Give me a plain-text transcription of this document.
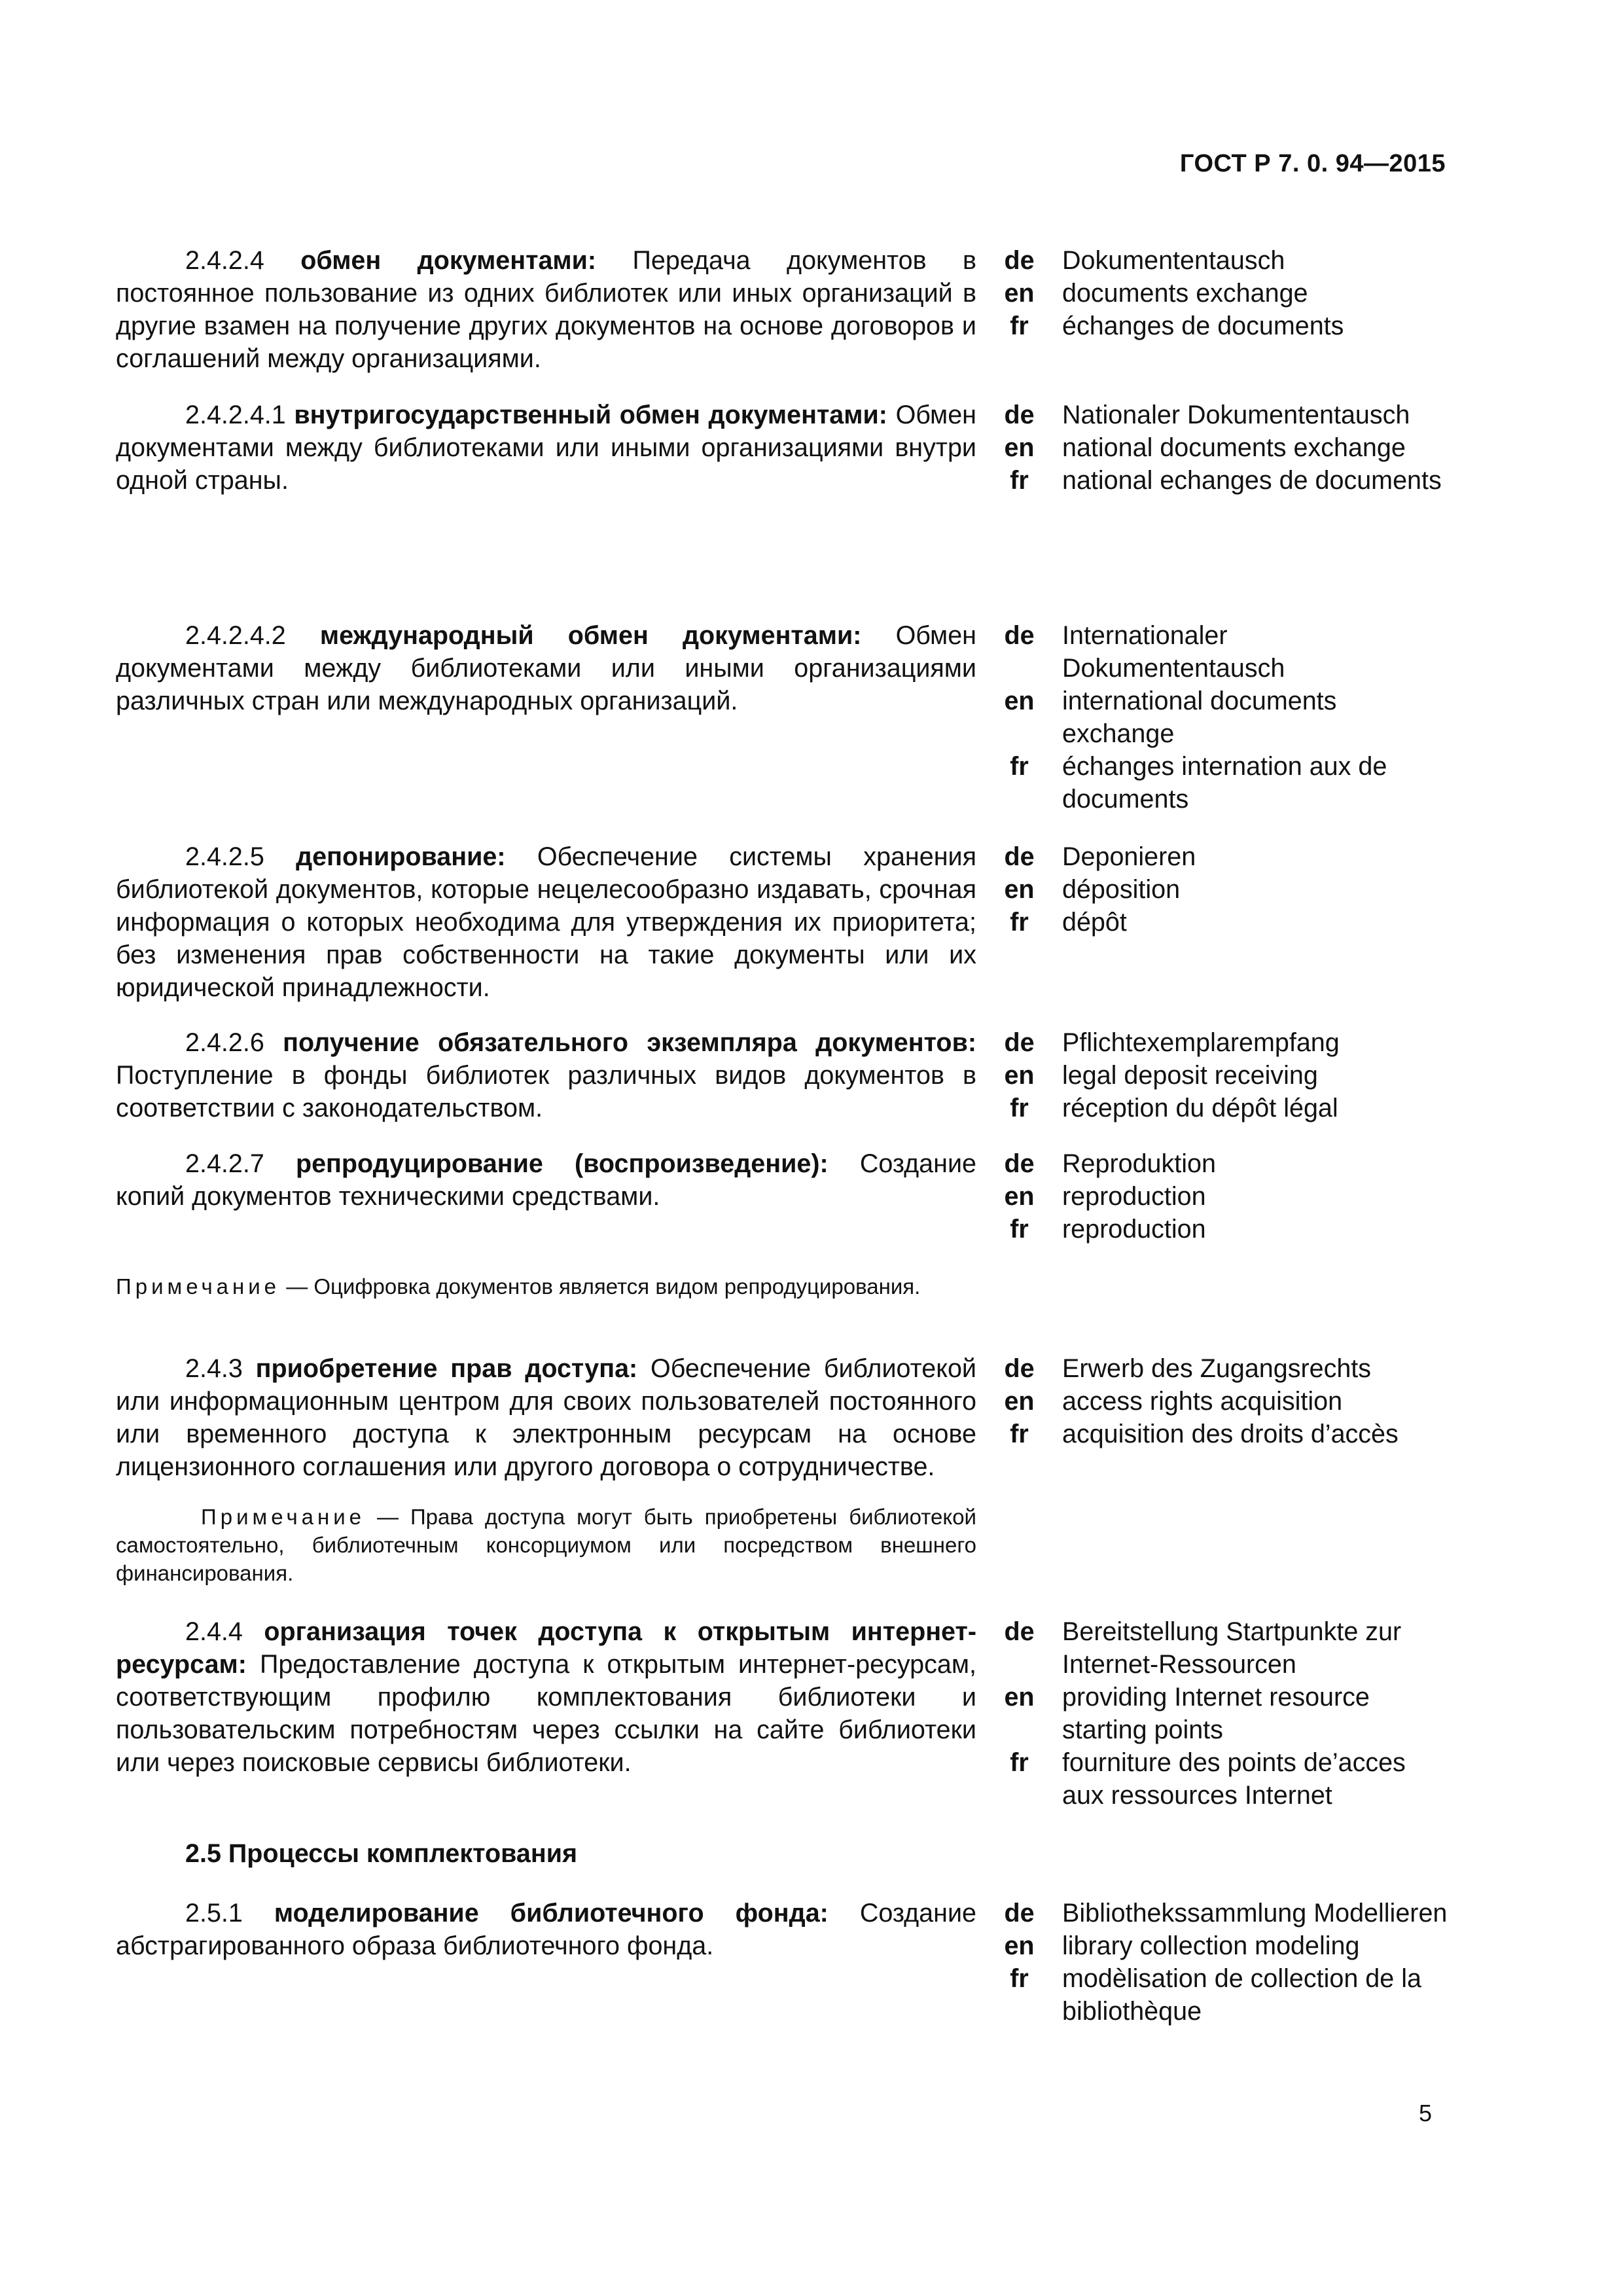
ГОСТ Р 7. 0. 94—2015

2.4.2.4 обмен документами: Передача документов в постоянное пользование из одних библиотек или иных организаций в другие взамен на получение других документов на основе договоров и соглашений между организациями.

de	Dokumententausch
en	documents exchange
fr	échanges de documents

2.4.2.4.1 внутригосударственный обмен документами: Обмен документами между библиотеками или иными организациями внутри одной страны.

de	Nationaler Dokumententausch
en	national documents exchange
fr	national echanges de documents

2.4.2.4.2 международный обмен документами: Обмен документами между библиотеками или иными организациями различных стран или международных организаций.

de	Internationaler Dokumententausch
en	international documents exchange
fr	échanges internation aux de documents

2.4.2.5 депонирование: Обеспечение системы хранения библиотекой документов, которые нецелесообразно издавать, срочная информация о которых необходима для утверждения их приоритета; без изменения прав собственности на такие документы или их юридической принадлежности.

de	Deponieren
en	déposition
fr	dépôt

2.4.2.6 получение обязательного экземпляра документов: Поступление в фонды библиотек различных видов документов в соответствии с законодательством.

de	Pflichtexemplarempfang
en	legal deposit receiving
fr	réception du dépôt légal

2.4.2.7 репродуцирование (воспроизведение): Создание копий документов техническими средствами.

de	Reproduktion
en	reproduction
fr	reproduction

Примечание — Оцифровка документов является видом репродуцирования.

2.4.3 приобретение прав доступа: Обеспечение библиотекой или информационным центром для своих пользователей постоянного или временного доступа к электронным ресурсам на основе лицензионного соглашения или другого договора о сотрудничестве.

de	Erwerb des Zugangsrechts
en	access rights acquisition
fr	acquisition des droits d’accès

Примечание — Права доступа могут быть приобретены библиотекой самостоятельно, библиотечным консорциумом или посредством внешнего финансирования.

2.4.4 организация точек доступа к открытым интернет-ресурсам: Предоставление доступа к открытым интернет-ресурсам, соответствующим профилю комплектования библиотеки и пользовательским потребностям через ссылки на сайте библиотеки или через поисковые сервисы библиотеки.

de	Bereitstellung Startpunkte zur Internet-Ressourcen
en	providing Internet resource starting points
fr	fourniture des points de’acces aux ressources Internet
2.5 Процессы комплектования

2.5.1 моделирование библиотечного фонда: Создание абстрагированного образа библиотечного фонда.

de	Bibliothekssammlung Modellieren
en	library collection modeling
fr	modèlisation de collection de la bibliothèque
5
